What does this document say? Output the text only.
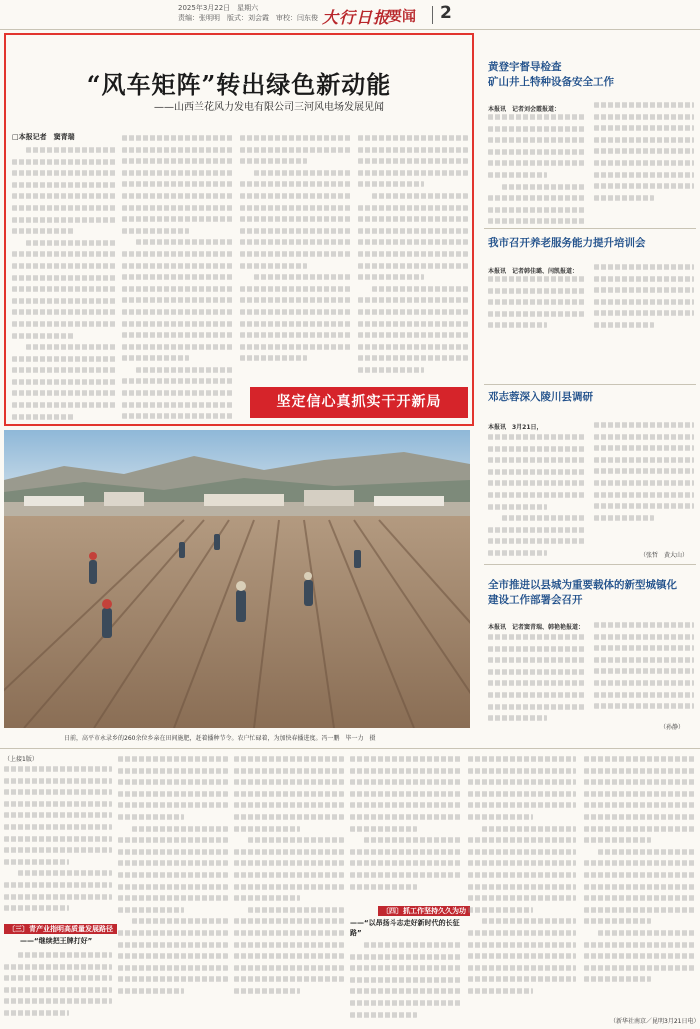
2025年3月22日　星期六
责编：张明明　版式：刘会霞　审校：闫东俊 大行日报
要闻 2
“风车矩阵”转出绿色新动能
——山西兰花风力发电有限公司三河风电场发展见闻
□本报记者　窦青瑞
坚定信心真抓实干开新局
黄登宇督导检查
矿山井上特种设备安全工作
本报讯　记者刘会霞报道：
我市召开养老服务能力提升培训会
本报讯　记者韩佳璐、闫凯报道：
邓志蓉深入陵川县调研
本报讯　3月21日，
（张哲　黄大山）
全市推进以县城为重要载体的新型城镇化
建设工作部署会召开
本报讯　记者窦青瑞、韩艳艳报道：
（孙静）
日前，高平市永录乡的260余位乡亲在田间施肥，赶着播种节令。农户忙碌着，为加快春播进度。冯一鹏　毕一力　摄
（上接1版）
〔三〕青产业指明高质量发展路径
——“继续把王牌打好”
〔四〕抓工作坚持久久为功
——“以昂扬斗志走好新时代的长征路”
（新华社南京／昆明3月21日电）
